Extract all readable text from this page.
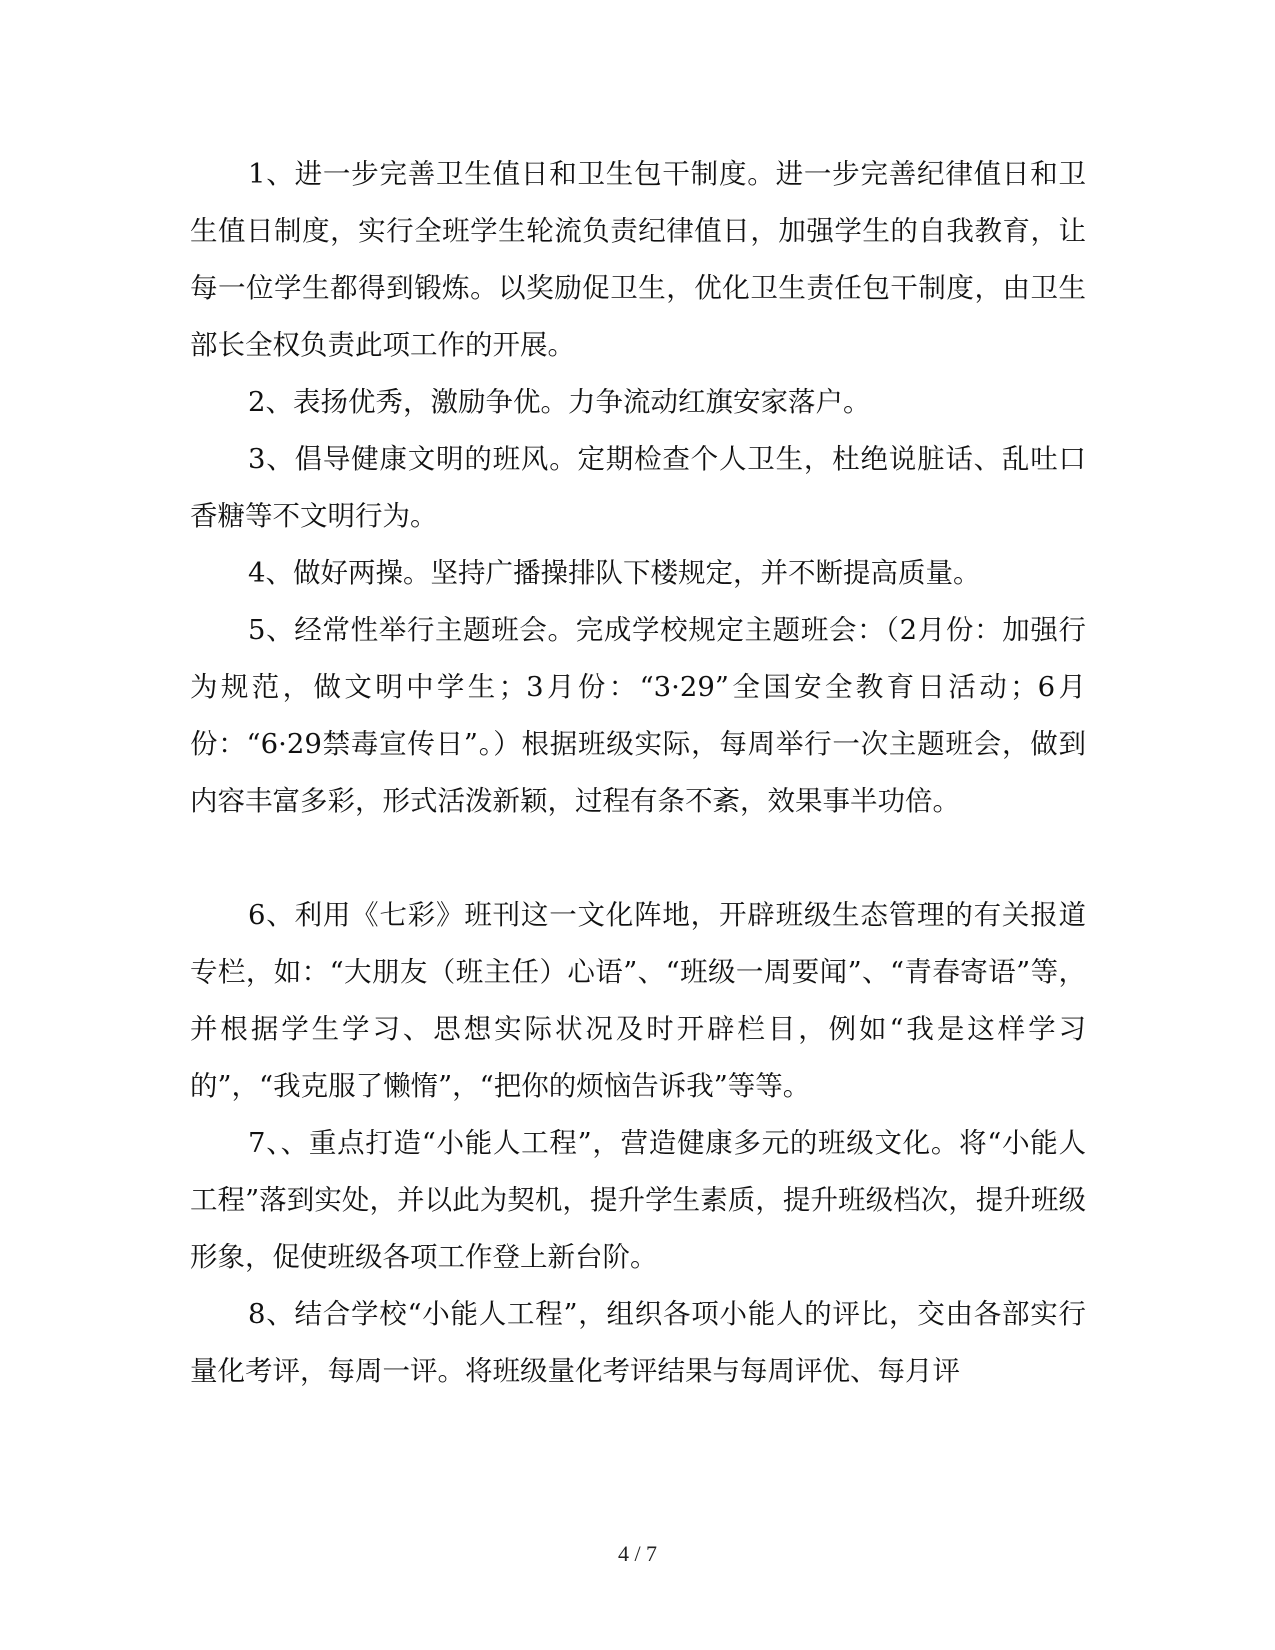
1、进一步完善卫生值日和卫生包干制度。进一步完善纪律值日和卫生值日制度，实行全班学生轮流负责纪律值日，加强学生的自我教育，让每一位学生都得到锻炼。以奖励促卫生，优化卫生责任包干制度，由卫生部长全权负责此项工作的开展。

2、表扬优秀，激励争优。力争流动红旗安家落户。

3、倡导健康文明的班风。定期检查个人卫生，杜绝说脏话、乱吐口香糖等不文明行为。

4、做好两操。坚持广播操排队下楼规定，并不断提高质量。

5、经常性举行主题班会。完成学校规定主题班会：（2月份：加强行为规范，做文明中学生；3月份：“3·29”全国安全教育日活动；6月份：“6·29禁毒宣传日”。）根据班级实际，每周举行一次主题班会，做到内容丰富多彩，形式活泼新颖，过程有条不紊，效果事半功倍。

6、利用《七彩》班刊这一文化阵地，开辟班级生态管理的有关报道专栏，如：“大朋友（班主任）心语”、“班级一周要闻”、“青春寄语”等，并根据学生学习、思想实际状况及时开辟栏目，例如“我是这样学习的”，“我克服了懒惰”，“把你的烦恼告诉我”等等。

7、、重点打造“小能人工程”，营造健康多元的班级文化。将“小能人工程”落到实处，并以此为契机，提升学生素质，提升班级档次，提升班级形象，促使班级各项工作登上新台阶。

8、结合学校“小能人工程”，组织各项小能人的评比，交由各部实行量化考评，每周一评。将班级量化考评结果与每周评优、每月评

4 / 7
